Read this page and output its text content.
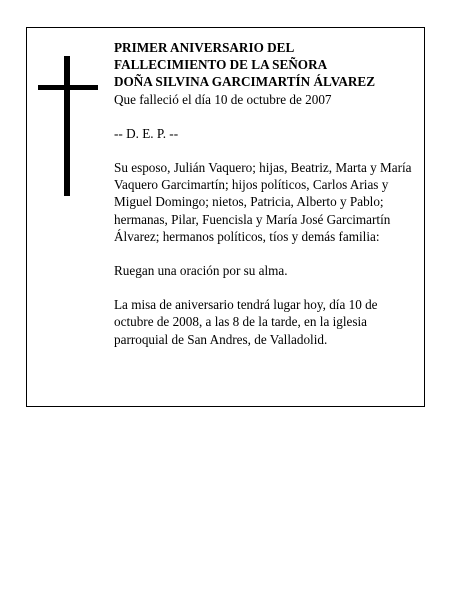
PRIMER ANIVERSARIO DEL
FALLECIMIENTO DE LA SEÑORA
DOÑA SILVINA GARCIMARTÍN ÁLVAREZ

Que falleció el día 10 de octubre de 2007

-- D. E. P. --

Su esposo, Julián Vaquero; hijas, Beatriz, Marta y María Vaquero Garcimartín; hijos políticos, Carlos Arias y Miguel Domingo; nietos, Patricia, Alberto y Pablo; hermanas, Pilar, Fuencisla y María José Garcimartín Álvarez; hermanos políticos, tíos y demás familia:

Ruegan una oración por su alma.

La misa de aniversario tendrá lugar hoy, día 10 de octubre de 2008, a las 8 de la tarde, en la iglesia parroquial de San Andres, de Valladolid.
